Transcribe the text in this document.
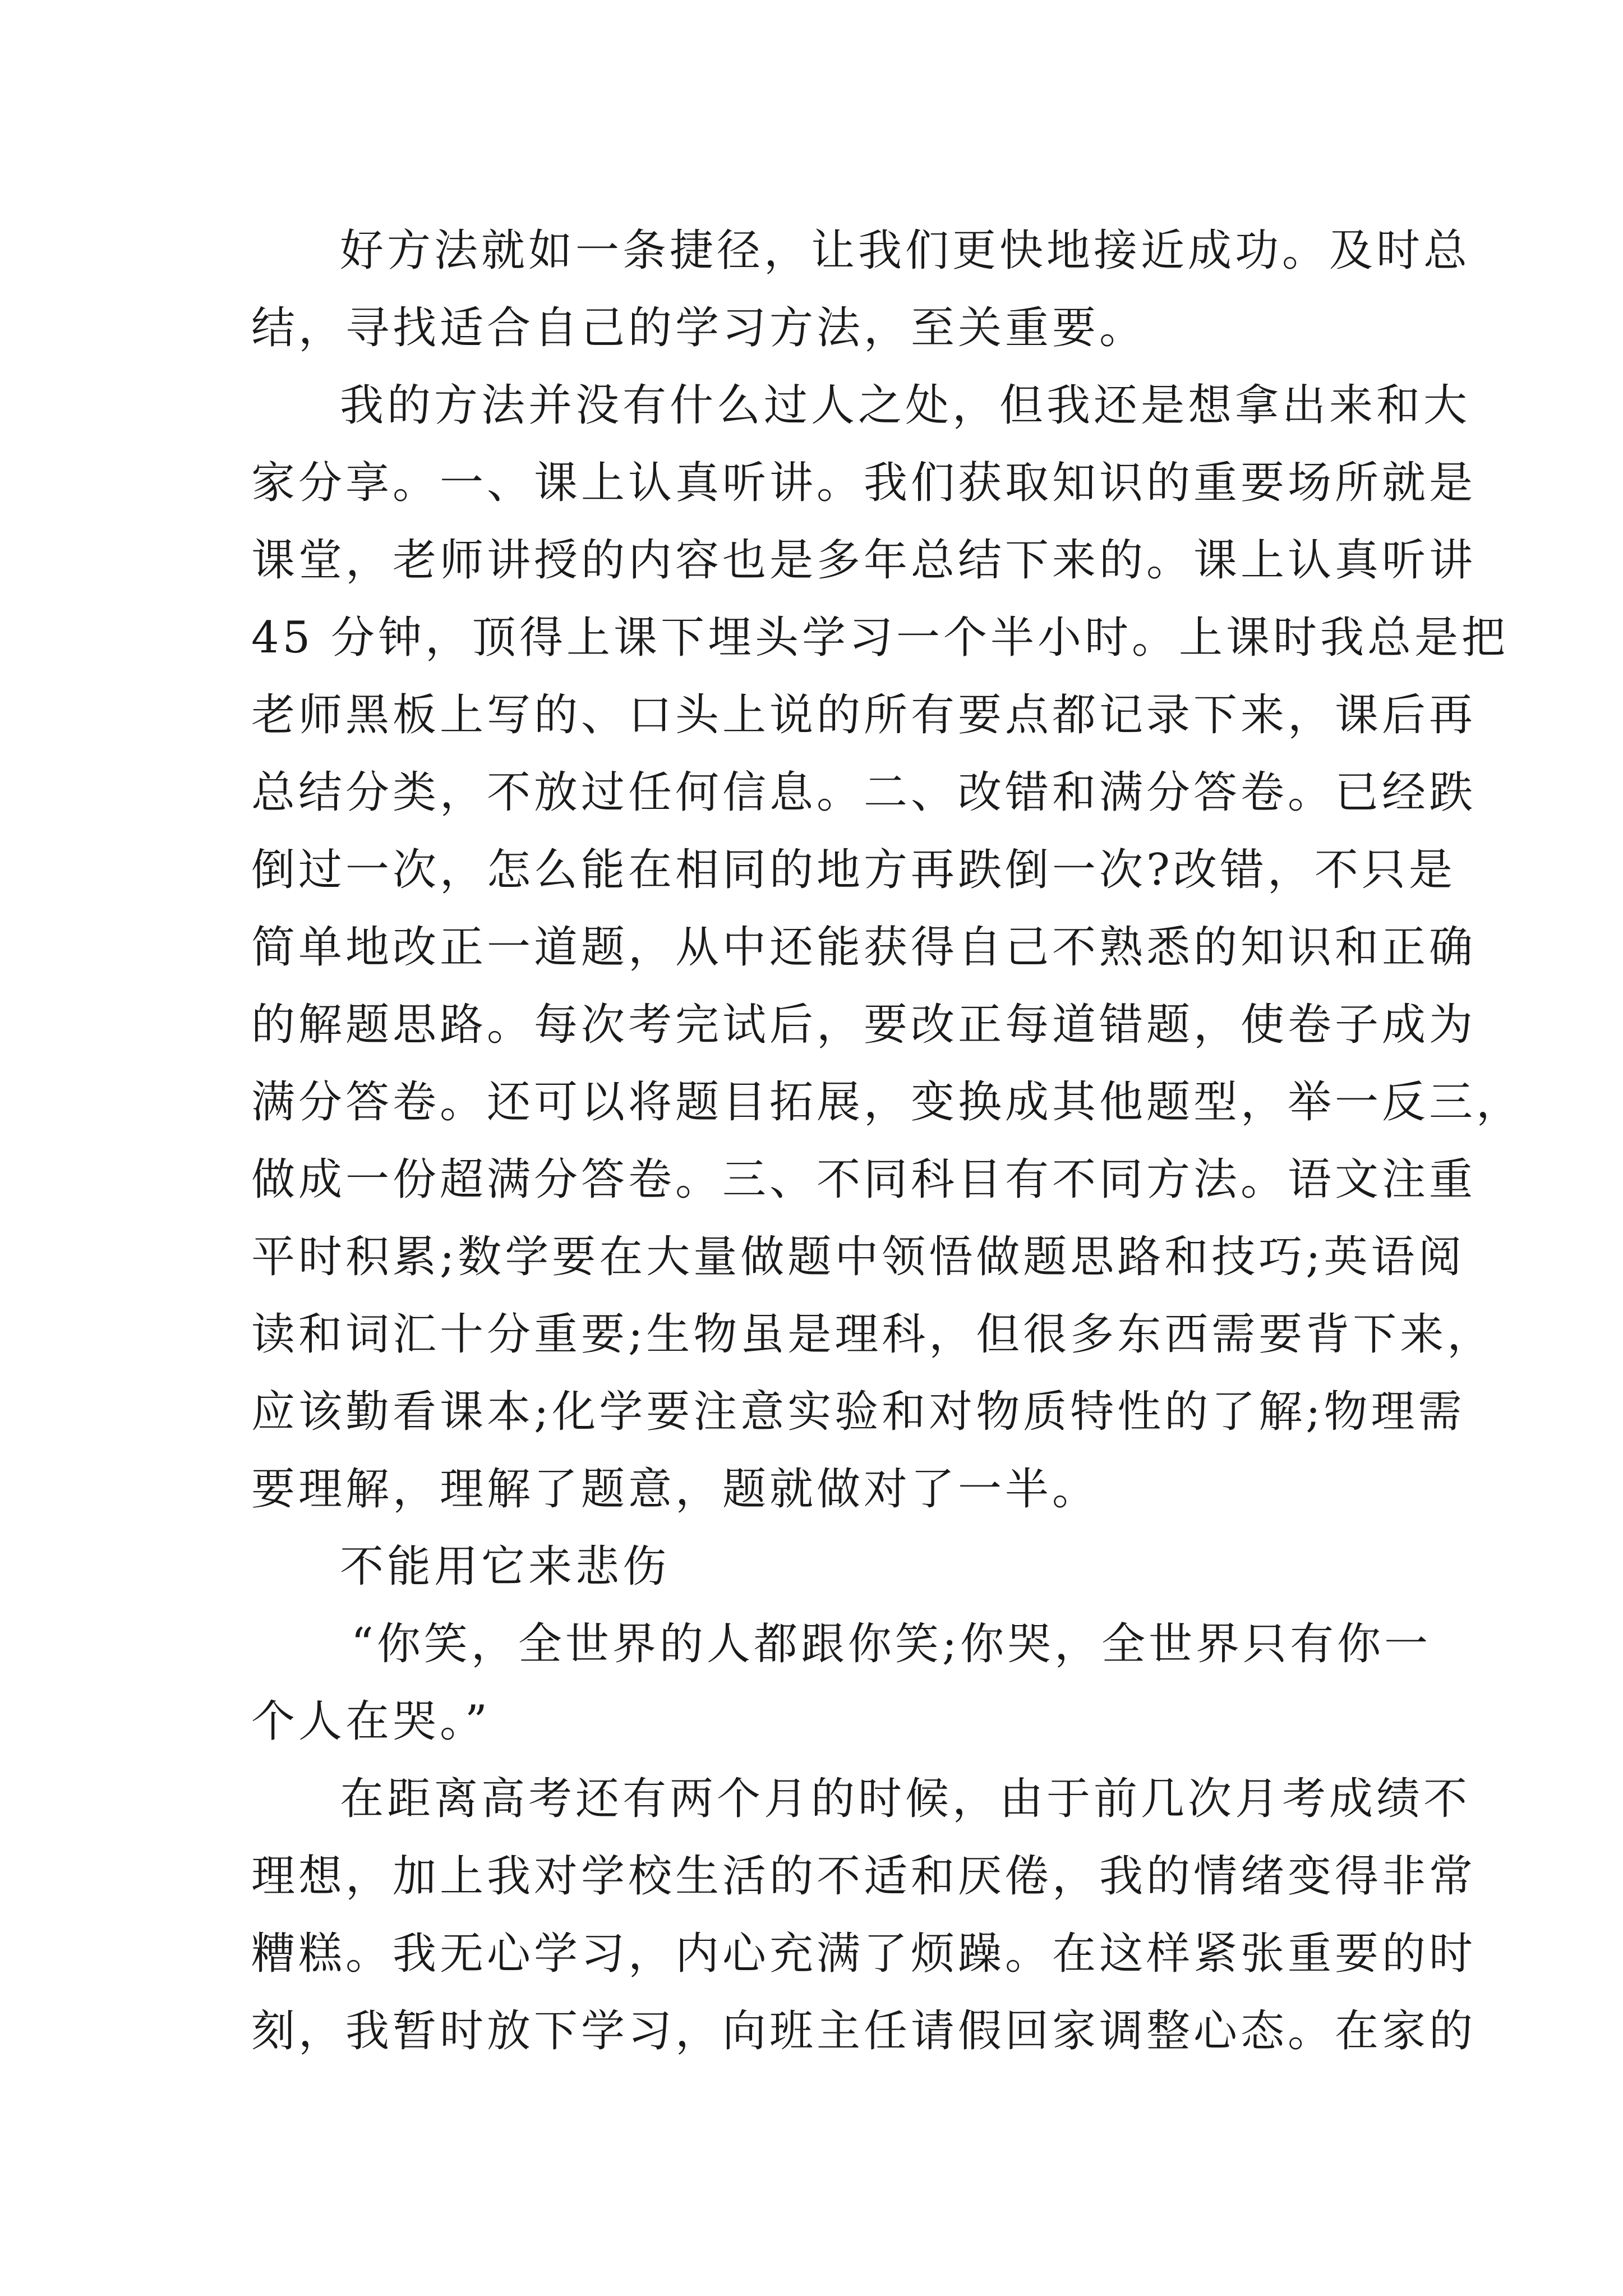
好方法就如一条捷径，让我们更快地接近成功。及时总
结，寻找适合自己的学习方法，至关重要。
我的方法并没有什么过人之处，但我还是想拿出来和大
家分享。一、课上认真听讲。我们获取知识的重要场所就是
课堂，老师讲授的内容也是多年总结下来的。课上认真听讲
45 分钟，顶得上课下埋头学习一个半小时。上课时我总是把
老师黑板上写的、口头上说的所有要点都记录下来，课后再
总结分类，不放过任何信息。二、改错和满分答卷。已经跌
倒过一次，怎么能在相同的地方再跌倒一次?改错，不只是
简单地改正一道题，从中还能获得自己不熟悉的知识和正确
的解题思路。每次考完试后，要改正每道错题，使卷子成为
满分答卷。还可以将题目拓展，变换成其他题型，举一反三，
做成一份超满分答卷。三、不同科目有不同方法。语文注重
平时积累;数学要在大量做题中领悟做题思路和技巧;英语阅
读和词汇十分重要;生物虽是理科，但很多东西需要背下来，
应该勤看课本;化学要注意实验和对物质特性的了解;物理需
要理解，理解了题意，题就做对了一半。
不能用它来悲伤
“你笑，全世界的人都跟你笑;你哭，全世界只有你一
个人在哭。”
在距离高考还有两个月的时候，由于前几次月考成绩不
理想，加上我对学校生活的不适和厌倦，我的情绪变得非常
糟糕。我无心学习，内心充满了烦躁。在这样紧张重要的时
刻，我暂时放下学习，向班主任请假回家调整心态。在家的
